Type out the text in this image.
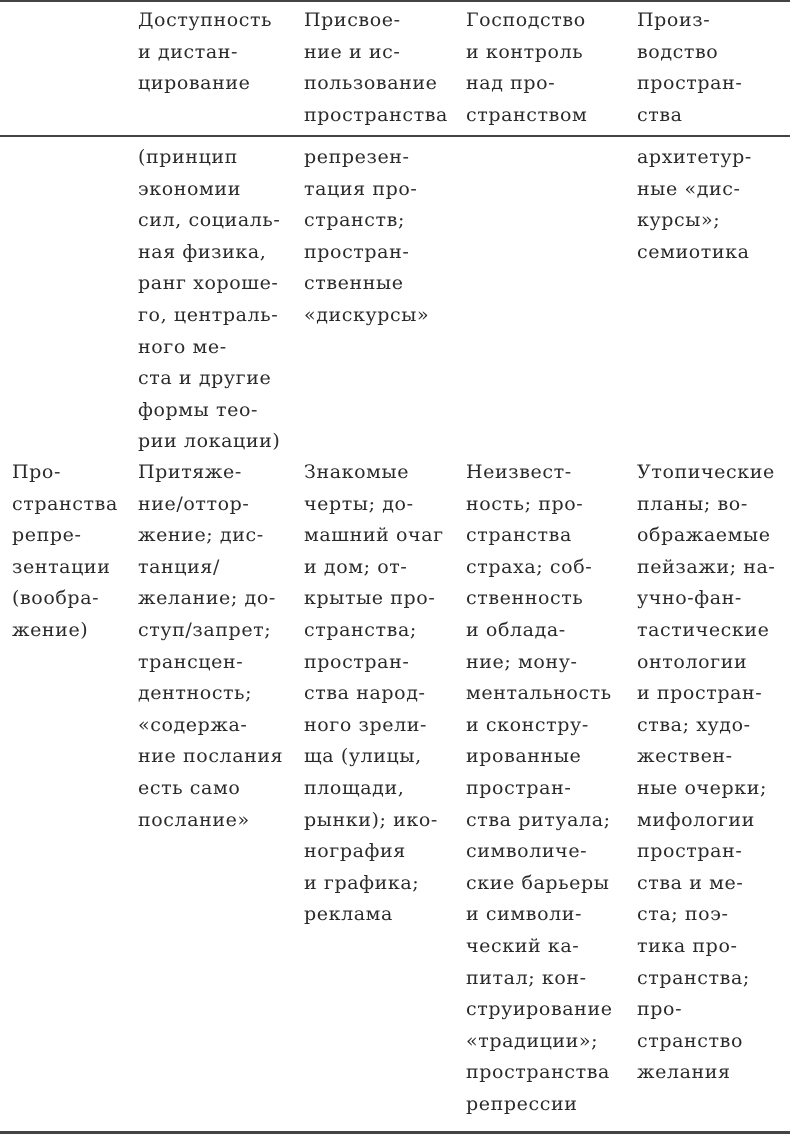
Доступность
и дистан-
цирование
Присвое-
ние и ис-
пользование
пространства
Господство
и контроль
над про-
странством
Произ-
водство
простран-
ства
(принцип
экономии
сил, социаль-
ная физика,
ранг хороше-
го, централь-
ного ме-
ста и другие
формы тео-
рии локации)
репрезен-
тация про-
странств;
простран-
ственные
«дискурсы»
архитетур-
ные «дис-
курсы»;
семиотика
Про-
странства
репре-
зентации
(вообра-
жение)
Притяже-
ние/оттор-
жение; дис-
танция/
желание; до-
ступ/запрет;
трансцен-
дентность;
«содержа-
ние послания
есть само
послание»
Знакомые
черты; до-
машний очаг
и дом; от-
крытые про-
странства;
простран-
ства народ-
ного зрели-
ща (улицы,
площади,
рынки); ико-
нография
и графика;
реклама
Неизвест-
ность; про-
странства
страха; соб-
ственность
и облада-
ние; мону-
ментальность
и сконстру-
ированные
простран-
ства ритуала;
символиче-
ские барьеры
и символи-
ческий ка-
питал; кон-
струирование
«традиции»;
пространства
репрессии
Утопические
планы; во-
ображаемые
пейзажи; на-
учно-фан-
тастические
онтологии
и простран-
ства; худо-
жествен-
ные очерки;
мифологии
простран-
ства и ме-
ста; поэ-
тика про-
странства;
про-
странство
желания
